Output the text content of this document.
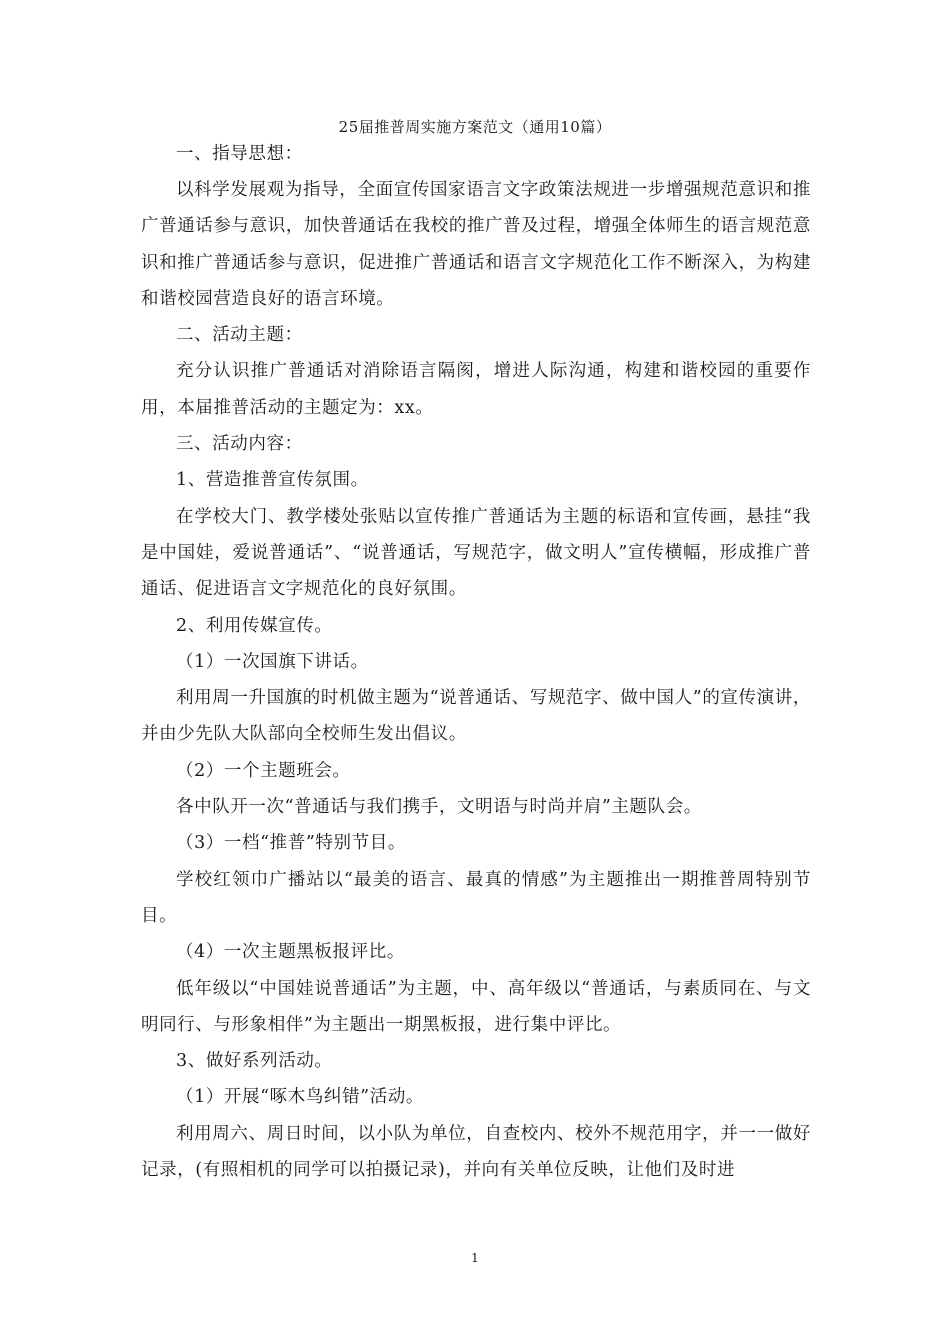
25届推普周实施方案范文（通用10篇）

一、指导思想：

以科学发展观为指导，全面宣传国家语言文字政策法规进一步增强规范意识和推广普通话参与意识，加快普通话在我校的推广普及过程，增强全体师生的语言规范意识和推广普通话参与意识，促进推广普通话和语言文字规范化工作不断深入，为构建和谐校园营造良好的语言环境。

二、活动主题：

充分认识推广普通话对消除语言隔阂，增进人际沟通，构建和谐校园的重要作用，本届推普活动的主题定为：xx。

三、活动内容：

1、营造推普宣传氛围。

在学校大门、教学楼处张贴以宣传推广普通话为主题的标语和宣传画，悬挂“我是中国娃，爱说普通话”、“说普通话，写规范字，做文明人”宣传横幅，形成推广普通话、促进语言文字规范化的良好氛围。

2、利用传媒宣传。

（1）一次国旗下讲话。

利用周一升国旗的时机做主题为“说普通话、写规范字、做中国人”的宣传演讲，并由少先队大队部向全校师生发出倡议。

（2）一个主题班会。

各中队开一次“普通话与我们携手，文明语与时尚并肩”主题队会。

（3）一档“推普”特别节目。

学校红领巾广播站以“最美的语言、最真的情感”为主题推出一期推普周特别节目。

（4）一次主题黑板报评比。

低年级以“中国娃说普通话”为主题，中、高年级以“普通话，与素质同在、与文明同行、与形象相伴”为主题出一期黑板报，进行集中评比。

3、做好系列活动。

（1）开展“啄木鸟纠错”活动。

利用周六、周日时间，以小队为单位，自查校内、校外不规范用字，并一一做好记录，(有照相机的同学可以拍摄记录)，并向有关单位反映，让他们及时进

1
